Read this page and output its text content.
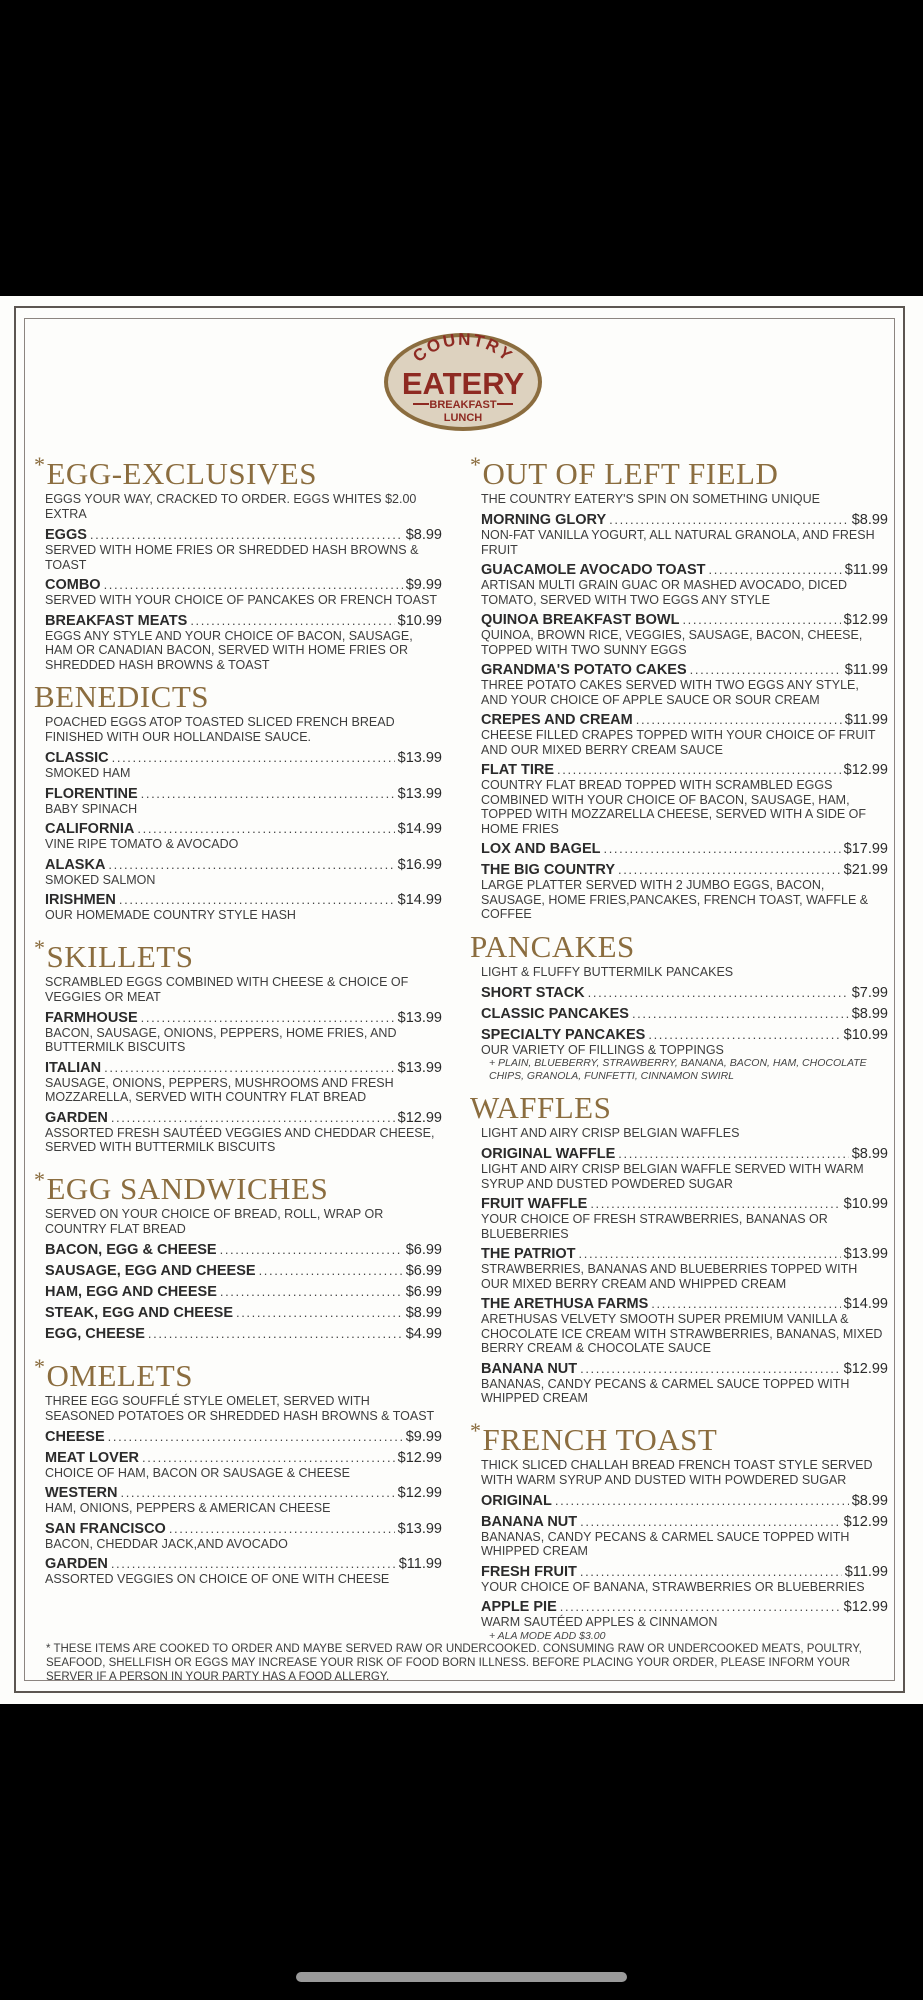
COUNTRY
EATERY
BREAKFAST
LUNCH
*EGG-EXCLUSIVES
EGGS YOUR WAY, CRACKED TO ORDER. EGGS WHITES $2.00 EXTRA
EGGS .....	$8.99
SERVED WITH HOME FRIES OR SHREDDED HASH BROWNS & TOAST
COMBO .....	$9.99
SERVED WITH YOUR CHOICE OF PANCAKES OR FRENCH TOAST
BREAKFAST MEATS .....	$10.99
EGGS ANY STYLE AND YOUR CHOICE OF BACON, SAUSAGE, HAM OR CANADIAN BACON, SERVED WITH HOME FRIES OR SHREDDED HASH BROWNS & TOAST
BENEDICTS
POACHED EGGS ATOP TOASTED SLICED FRENCH BREAD FINISHED WITH OUR HOLLANDAISE SAUCE.
CLASSIC .....	$13.99
SMOKED HAM
FLORENTINE .....	$13.99
BABY SPINACH
CALIFORNIA .....	$14.99
VINE RIPE TOMATO & AVOCADO
ALASKA .....	$16.99
SMOKED SALMON
IRISHMEN .....	$14.99
OUR HOMEMADE COUNTRY STYLE HASH
*SKILLETS
SCRAMBLED EGGS COMBINED WITH CHEESE & CHOICE OF VEGGIES OR MEAT
FARMHOUSE .....	$13.99
BACON, SAUSAGE, ONIONS, PEPPERS, HOME FRIES, AND BUTTERMILK BISCUITS
ITALIAN .....	$13.99
SAUSAGE, ONIONS, PEPPERS, MUSHROOMS AND FRESH MOZZARELLA, SERVED WITH COUNTRY FLAT BREAD
GARDEN .....	$12.99
ASSORTED FRESH SAUTÉED VEGGIES AND CHEDDAR CHEESE, SERVED WITH BUTTERMILK BISCUITS
*EGG SANDWICHES
SERVED ON YOUR CHOICE OF BREAD, ROLL, WRAP OR COUNTRY FLAT BREAD
BACON, EGG & CHEESE .....	$6.99
SAUSAGE, EGG AND CHEESE .....	$6.99
HAM, EGG AND CHEESE .....	$6.99
STEAK, EGG AND CHEESE .....	$8.99
EGG, CHEESE .....	$4.99
*OMELETS
THREE EGG SOUFFLÉ STYLE OMELET, SERVED WITH SEASONED POTATOES OR SHREDDED HASH BROWNS & TOAST
CHEESE .....	$9.99
MEAT LOVER .....	$12.99
CHOICE OF HAM, BACON OR SAUSAGE & CHEESE
WESTERN .....	$12.99
HAM, ONIONS, PEPPERS & AMERICAN CHEESE
SAN FRANCISCO .....	$13.99
BACON, CHEDDAR JACK,AND AVOCADO
GARDEN .....	$11.99
ASSORTED VEGGIES ON CHOICE OF ONE WITH CHEESE
*OUT OF LEFT FIELD
THE COUNTRY EATERY'S SPIN ON SOMETHING UNIQUE
MORNING GLORY .....	$8.99
NON-FAT VANILLA YOGURT, ALL NATURAL GRANOLA, AND FRESH FRUIT
GUACAMOLE AVOCADO TOAST .....	$11.99
ARTISAN MULTI GRAIN GUAC OR MASHED AVOCADO, DICED TOMATO, SERVED WITH TWO EGGS ANY STYLE
QUINOA BREAKFAST BOWL .....	$12.99
QUINOA, BROWN RICE, VEGGIES, SAUSAGE, BACON, CHEESE, TOPPED WITH TWO SUNNY EGGS
GRANDMA'S POTATO CAKES .....	$11.99
THREE POTATO CAKES SERVED WITH TWO EGGS ANY STYLE, AND YOUR CHOICE OF APPLE SAUCE OR SOUR CREAM
CREPES AND CREAM .....	$11.99
CHEESE FILLED CRAPES TOPPED WITH YOUR CHOICE OF FRUIT AND OUR MIXED BERRY CREAM SAUCE
FLAT TIRE .....	$12.99
COUNTRY FLAT BREAD TOPPED WITH SCRAMBLED EGGS COMBINED WITH YOUR CHOICE OF BACON, SAUSAGE, HAM, TOPPED WITH MOZZARELLA CHEESE, SERVED WITH A SIDE OF HOME FRIES
LOX AND BAGEL .....	$17.99
THE BIG COUNTRY .....	$21.99
LARGE PLATTER SERVED WITH 2 JUMBO EGGS, BACON, SAUSAGE, HOME FRIES,PANCAKES, FRENCH TOAST, WAFFLE & COFFEE
PANCAKES
LIGHT & FLUFFY BUTTERMILK PANCAKES
SHORT STACK .....	$7.99
CLASSIC PANCAKES .....	$8.99
SPECIALTY PANCAKES .....	$10.99
OUR VARIETY OF FILLINGS & TOPPINGS
+ PLAIN, BLUEBERRY, STRAWBERRY, BANANA, BACON, HAM, CHOCOLATE CHIPS, GRANOLA, FUNFETTI, CINNAMON SWIRL
WAFFLES
LIGHT AND AIRY CRISP BELGIAN WAFFLES
ORIGINAL WAFFLE .....	$8.99
LIGHT AND AIRY CRISP BELGIAN WAFFLE SERVED WITH WARM SYRUP AND DUSTED POWDERED SUGAR
FRUIT WAFFLE .....	$10.99
YOUR CHOICE OF FRESH STRAWBERRIES, BANANAS OR BLUEBERRIES
THE PATRIOT .....	$13.99
STRAWBERRIES, BANANAS AND BLUEBERRIES TOPPED WITH OUR MIXED BERRY CREAM AND WHIPPED CREAM
THE ARETHUSA FARMS .....	$14.99
ARETHUSAS VELVETY SMOOTH SUPER PREMIUM VANILLA & CHOCOLATE ICE CREAM WITH STRAWBERRIES, BANANAS, MIXED BERRY CREAM & CHOCOLATE SAUCE
BANANA NUT .....	$12.99
BANANAS, CANDY PECANS & CARMEL SAUCE TOPPED WITH WHIPPED CREAM
*FRENCH TOAST
THICK SLICED CHALLAH BREAD FRENCH TOAST STYLE SERVED WITH WARM SYRUP AND DUSTED WITH POWDERED SUGAR
ORIGINAL .....	$8.99
BANANA NUT .....	$12.99
BANANAS, CANDY PECANS & CARMEL SAUCE TOPPED WITH WHIPPED CREAM
FRESH FRUIT .....	$11.99
YOUR CHOICE OF BANANA, STRAWBERRIES OR BLUEBERRIES
APPLE PIE .....	$12.99
WARM SAUTÉED APPLES & CINNAMON
+ ALA MODE ADD $3.00
* THESE ITEMS ARE COOKED TO ORDER AND MAYBE SERVED RAW OR UNDERCOOKED. CONSUMING RAW OR UNDERCOOKED MEATS, POULTRY, SEAFOOD, SHELLFISH OR EGGS MAY INCREASE YOUR RISK OF FOOD BORN ILLNESS. BEFORE PLACING YOUR ORDER, PLEASE INFORM YOUR SERVER IF A PERSON IN YOUR PARTY HAS A FOOD ALLERGY.
